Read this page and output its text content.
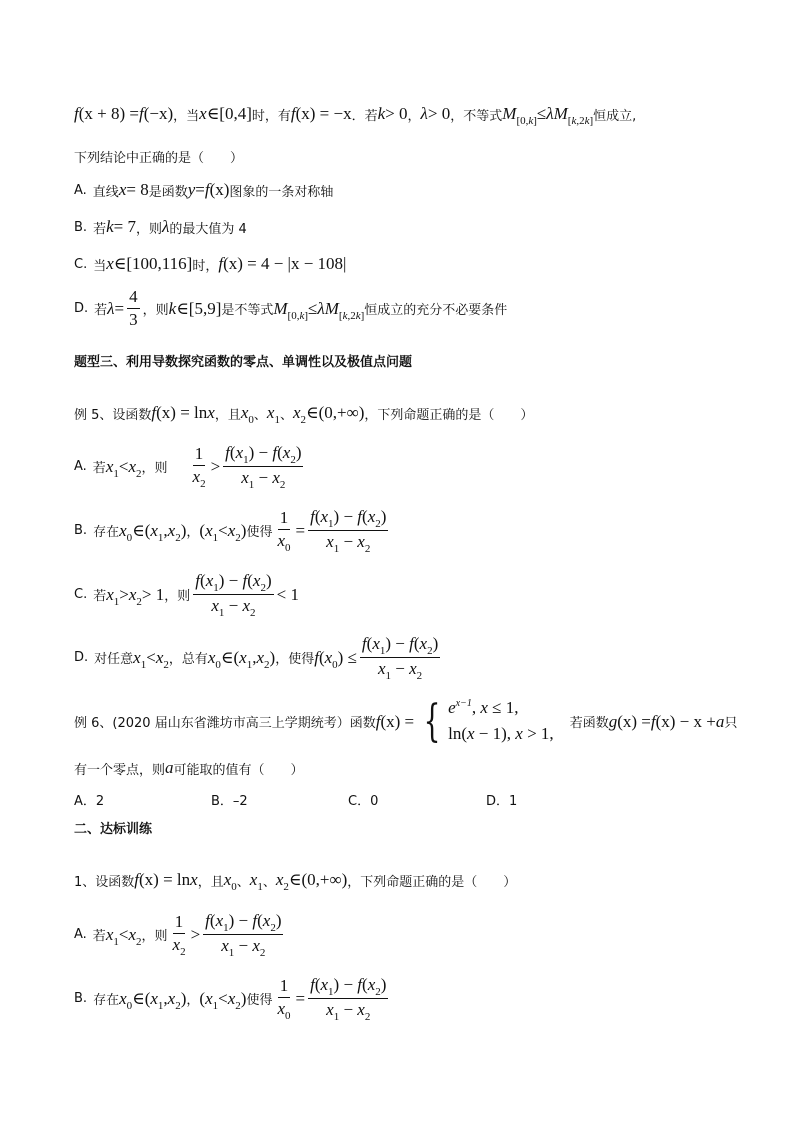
f (x + 8) = f (−x) ，当 x ∈[0,4] 时，有 f (x) = −x ．若 k > 0 ， λ > 0 ，不等式 $M_{[0,k]} \le \lambda M_{[k,2k]}$ 恒成立,
下列结论中正确的是（　　）
A. 直线 x = 8 是函数 y = f (x) 图象的一条对称轴
B. 若 k = 7 ，则 λ 的最大值为 4
C. 当 x ∈[100,116] 时， f (x) = 4 − |x − 108|
D. 若 $\lambda = \frac{4}{3}$ ，则 k ∈[5,9] 是不等式 $M_{[0,k]} \le \lambda M_{[k,2k]}$ 恒成立的充分不必要条件
题型三、利用导数探究函数的零点、单调性以及极值点问题
例 5、设函数 f (x) = ln x ，且 $x_0$ 、 $x_1$ 、 $x_2$ ∈(0,+∞) ，下列命题正确的是（　　）
A. 若 $x_1 < x_2$ ，则 $\frac{1}{x_2} > \frac{f(x_1) - f(x_2)}{x_1 - x_2}$
B. 存在 $x_0$ ∈( $x_1$ , $x_2$ ) ， ( $x_1 < x_2$ ) 使得 $\frac{1}{x_0} = \frac{f(x_1) - f(x_2)}{x_1 - x_2}$
C. 若 $x_1 > x_2 > 1$ ，则 $\frac{f(x_1) - f(x_2)}{x_1 - x_2} < 1$
D. 对任意 $x_1 < x_2$ ，总有 $x_0$ ∈( $x_1$ , $x_2$ ) ，使得 f ( $x_0$ ) ≤ $\frac{f(x_1) - f(x_2)}{x_1 - x_2}$
例 6、(2020 届山东省潍坊市高三上学期统考）函数 f (x) = { $e^{x-1}$, x ≤ 1,
ln(x − 1), x > 1,
若函数 g (x) = f (x) − x + a 只
有一个零点，则 a 可能取的值有（　　）
A．2	B．–2	C．0	D．1
二、达标训练
1、设函数 f (x) = ln x ，且 $x_0$ 、 $x_1$ 、 $x_2$ ∈(0,+∞) ，下列命题正确的是（　　）
A. 若 $x_1 < x_2$ ，则 $\frac{1}{x_2} > \frac{f(x_1) - f(x_2)}{x_1 - x_2}$
B. 存在 $x_0$ ∈( $x_1$ , $x_2$ ) ， ( $x_1 < x_2$ ) 使得 $\frac{1}{x_0} = \frac{f(x_1) - f(x_2)}{x_1 - x_2}$
